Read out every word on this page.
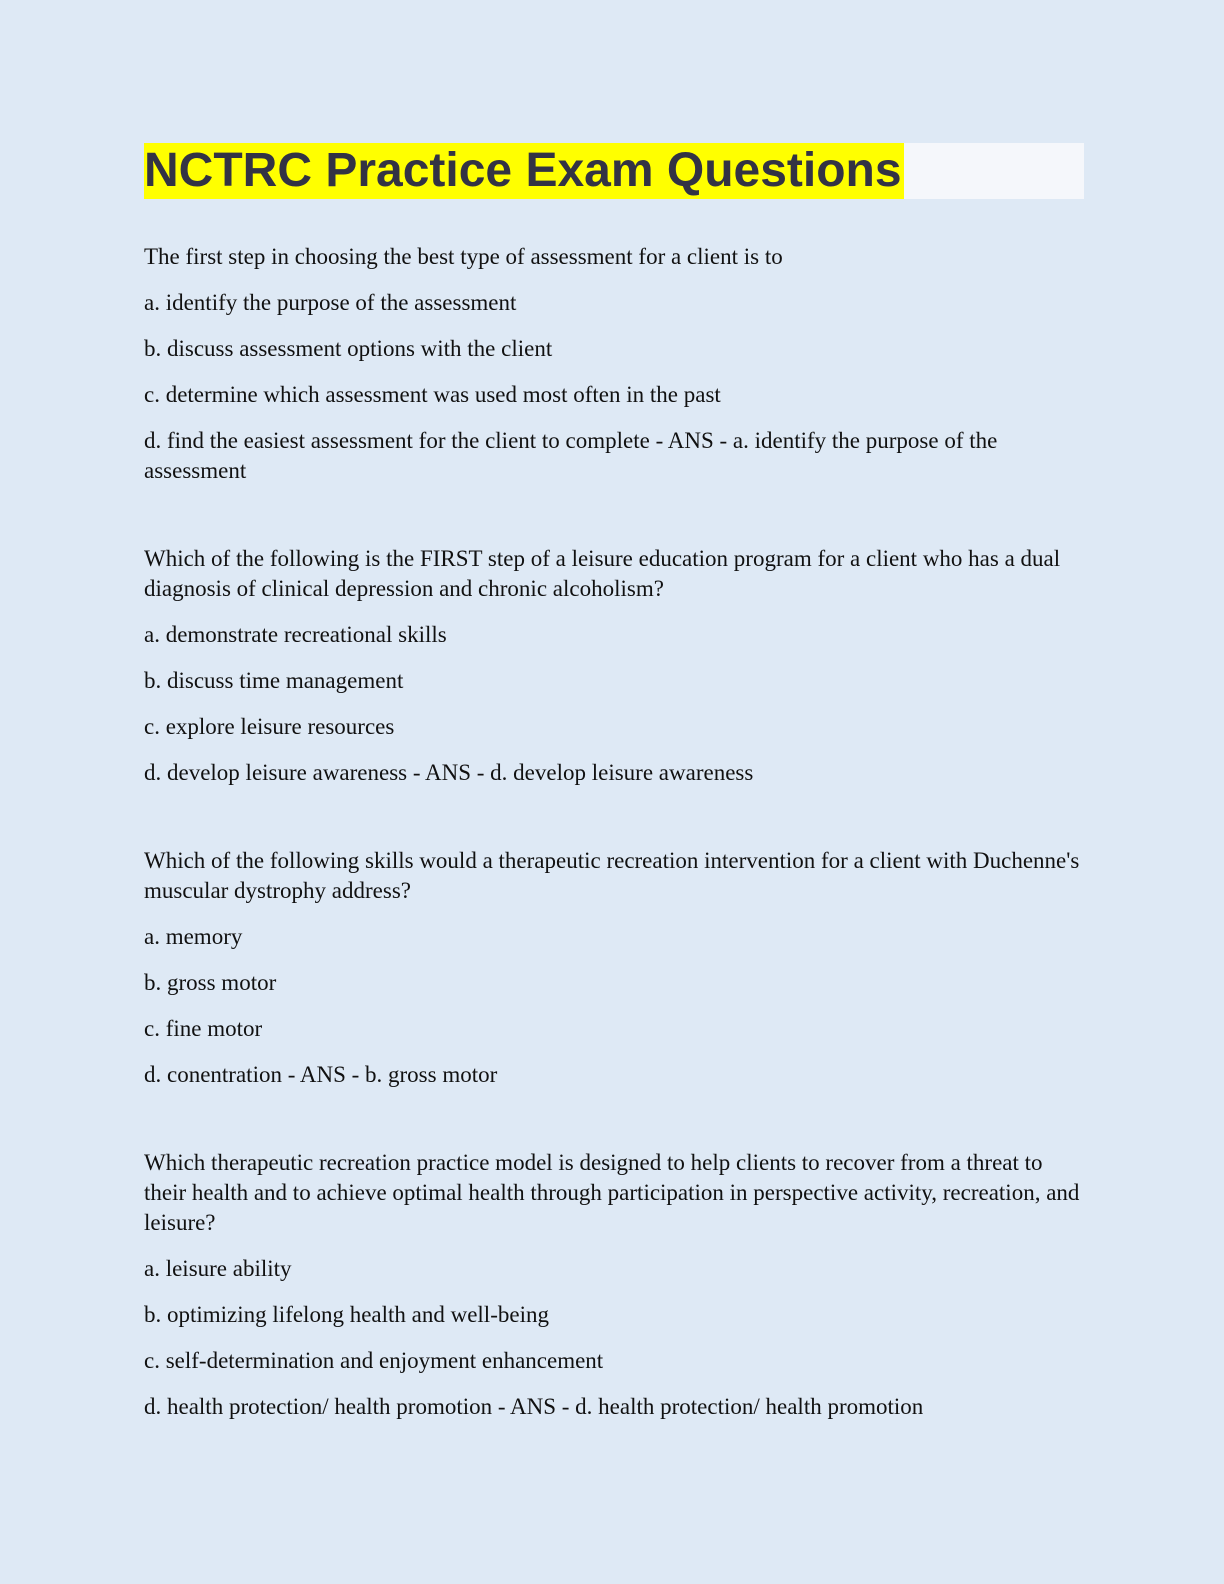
NCTRC Practice Exam Questions

The first step in choosing the best type of assessment for a client is to

a. identify the purpose of the assessment

b. discuss assessment options with the client

c. determine which assessment was used most often in the past

d. find the easiest assessment for the client to complete - ANS - a. identify the purpose of the assessment

Which of the following is the FIRST step of a leisure education program for a client who has a dual diagnosis of clinical depression and chronic alcoholism?

a. demonstrate recreational skills

b. discuss time management

c. explore leisure resources

d. develop leisure awareness - ANS - d. develop leisure awareness

Which of the following skills would a therapeutic recreation intervention for a client with Duchenne's muscular dystrophy address?

a. memory

b. gross motor

c. fine motor

d. conentration - ANS - b. gross motor

Which therapeutic recreation practice model is designed to help clients to recover from a threat to their health and to achieve optimal health through participation in perspective activity, recreation, and leisure?

a. leisure ability

b. optimizing lifelong health and well-being

c. self-determination and enjoyment enhancement

d. health protection/ health promotion - ANS - d. health protection/ health promotion
